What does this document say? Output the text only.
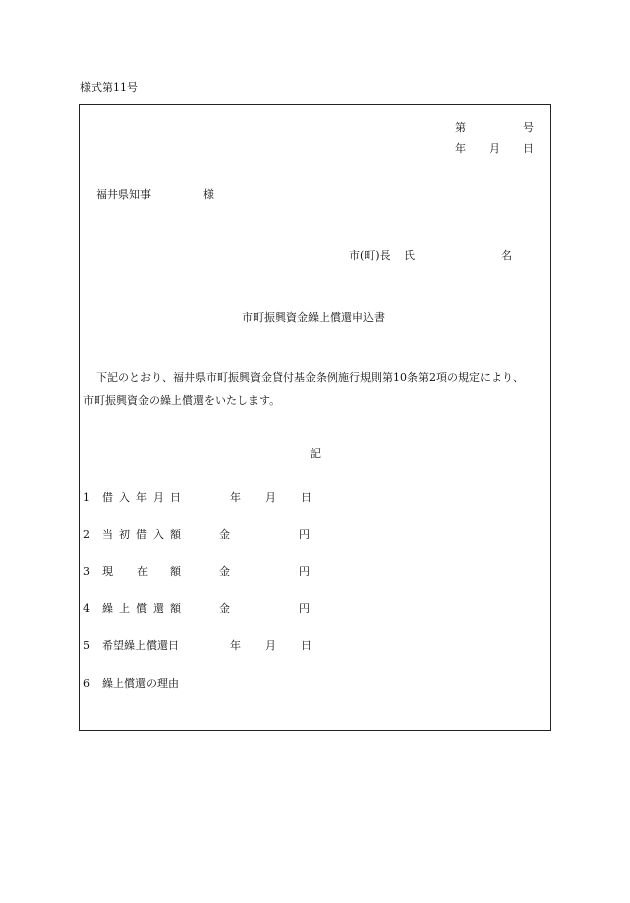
様式第11号
第	号
年 月 日
福井県知事	様
市(町)長 氏	名
市町振興資金繰上償還申込書
下記のとおり、福井県市町振興資金貸付基金条例施行規則第10条第2項の規定により、
市町振興資金の繰上償還をいたします。
記
1 借入年月日	年 月 日
2 当初借入額	金	円
3 現 在 額	金	円
4 繰上償還額	金	円
5 希望繰上償還日	年 月 日
6 繰上償還の理由
